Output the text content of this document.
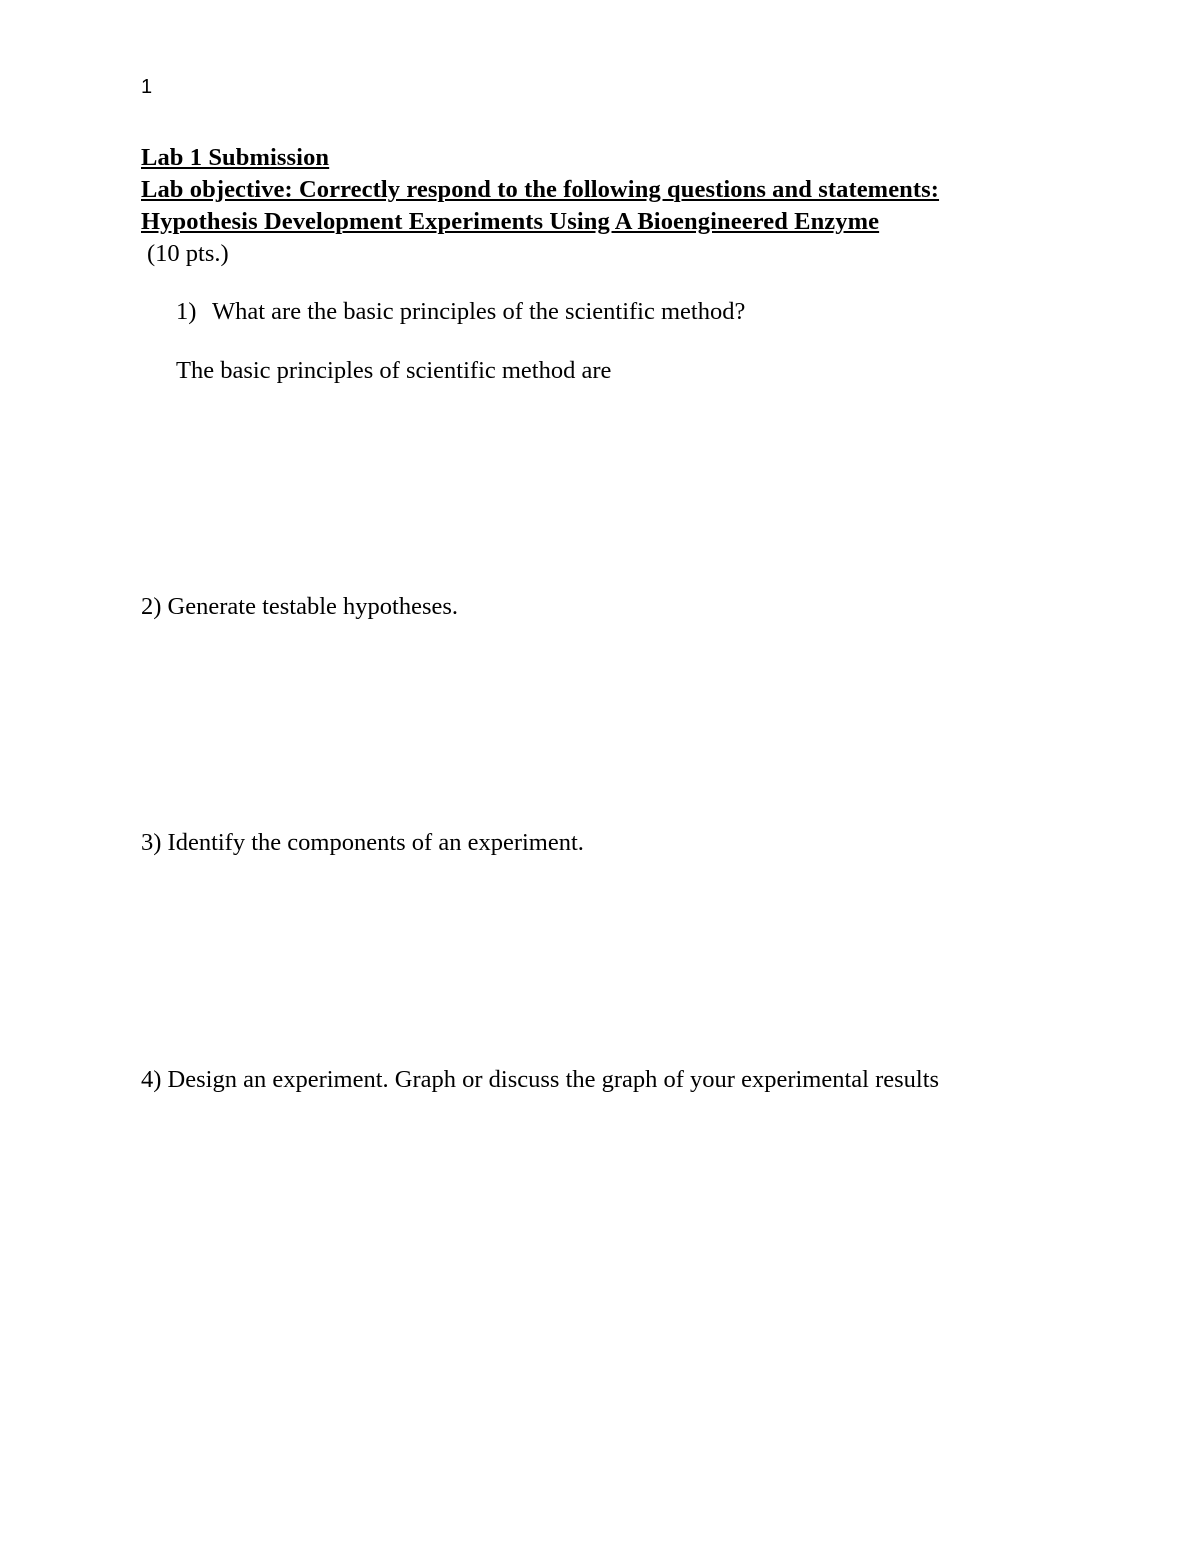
1
Lab 1 Submission
Lab objective: Correctly respond to the following questions and statements:
Hypothesis Development Experiments Using A Bioengineered Enzyme
(10 pts.)
1) What are the basic principles of the scientific method?
The basic principles of scientific method are
2) Generate testable hypotheses.
3) Identify the components of an experiment.
4) Design an experiment. Graph or discuss the graph of your experimental results
